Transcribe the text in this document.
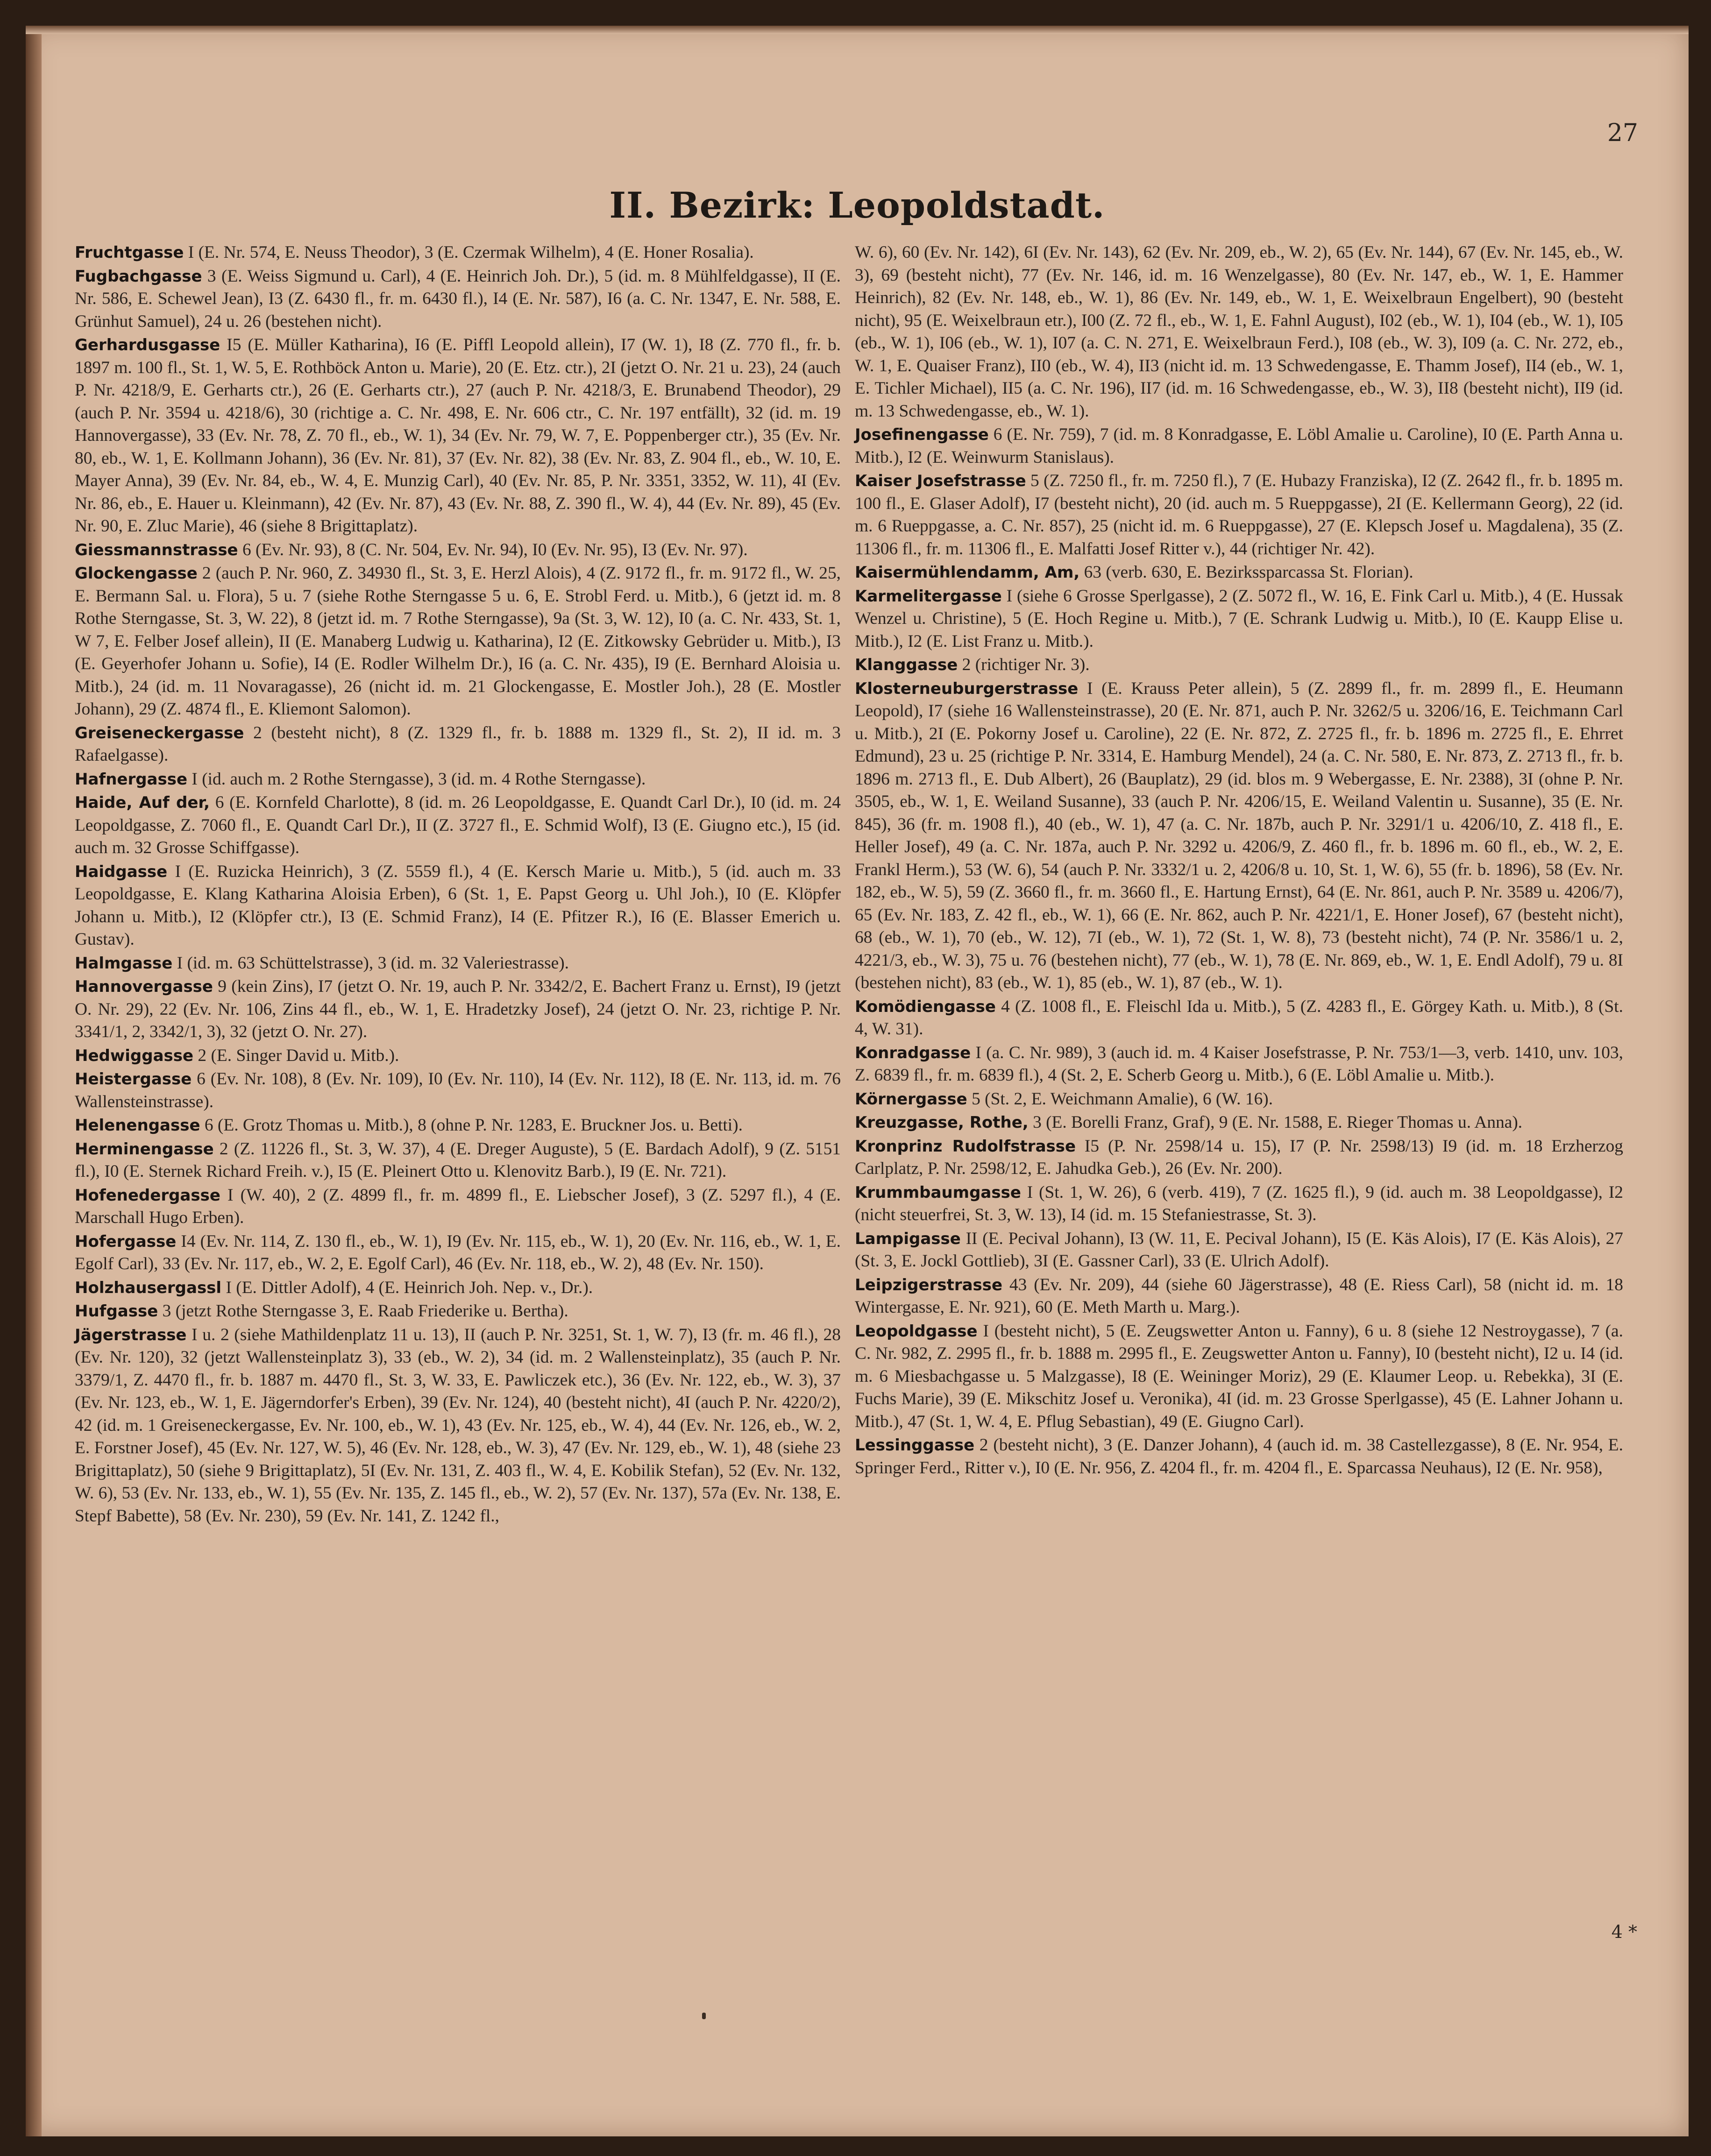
27
II. Bezirk: Leopoldstadt.

Fruchtgasse I (E. Nr. 574, E. Neuss Theodor), 3 (E. Czermak Wilhelm), 4 (E. Honer Rosalia).

Fugbachgasse 3 (E. Weiss Sigmund u. Carl), 4 (E. Heinrich Joh. Dr.), 5 (id. m. 8 Mühlfeldgasse), II (E. Nr. 586, E. Schewel Jean), I3 (Z. 6430 fl., fr. m. 6430 fl.), I4 (E. Nr. 587), I6 (a. C. Nr. 1347, E. Nr. 588, E. Grünhut Samuel), 24 u. 26 (bestehen nicht).

Gerhardusgasse I5 (E. Müller Katharina), I6 (E. Piffl Leopold allein), I7 (W. 1), I8 (Z. 770 fl., fr. b. 1897 m. 100 fl., St. 1, W. 5, E. Rothböck Anton u. Marie), 20 (E. Etz. ctr.), 2I (jetzt O. Nr. 21 u. 23), 24 (auch P. Nr. 4218/9, E. Gerharts ctr.), 26 (E. Gerharts ctr.), 27 (auch P. Nr. 4218/3, E. Brunabend Theodor), 29 (auch P. Nr. 3594 u. 4218/6), 30 (richtige a. C. Nr. 498, E. Nr. 606 ctr., C. Nr. 197 entfällt), 32 (id. m. 19 Hannovergasse), 33 (Ev. Nr. 78, Z. 70 fl., eb., W. 1), 34 (Ev. Nr. 79, W. 7, E. Poppenberger ctr.), 35 (Ev. Nr. 80, eb., W. 1, E. Kollmann Johann), 36 (Ev. Nr. 81), 37 (Ev. Nr. 82), 38 (Ev. Nr. 83, Z. 904 fl., eb., W. 10, E. Mayer Anna), 39 (Ev. Nr. 84, eb., W. 4, E. Munzig Carl), 40 (Ev. Nr. 85, P. Nr. 3351, 3352, W. 11), 4I (Ev. Nr. 86, eb., E. Hauer u. Kleinmann), 42 (Ev. Nr. 87), 43 (Ev. Nr. 88, Z. 390 fl., W. 4), 44 (Ev. Nr. 89), 45 (Ev. Nr. 90, E. Zluc Marie), 46 (siehe 8 Brigittaplatz).

Giessmannstrasse 6 (Ev. Nr. 93), 8 (C. Nr. 504, Ev. Nr. 94), I0 (Ev. Nr. 95), I3 (Ev. Nr. 97).

Glockengasse 2 (auch P. Nr. 960, Z. 34930 fl., St. 3, E. Herzl Alois), 4 (Z. 9172 fl., fr. m. 9172 fl., W. 25, E. Bermann Sal. u. Flora), 5 u. 7 (siehe Rothe Sterngasse 5 u. 6, E. Strobl Ferd. u. Mitb.), 6 (jetzt id. m. 8 Rothe Sterngasse, St. 3, W. 22), 8 (jetzt id. m. 7 Rothe Sterngasse), 9a (St. 3, W. 12), I0 (a. C. Nr. 433, St. 1, W 7, E. Felber Josef allein), II (E. Manaberg Ludwig u. Katharina), I2 (E. Zitkowsky Gebrüder u. Mitb.), I3 (E. Geyerhofer Johann u. Sofie), I4 (E. Rodler Wilhelm Dr.), I6 (a. C. Nr. 435), I9 (E. Bernhard Aloisia u. Mitb.), 24 (id. m. 11 Novaragasse), 26 (nicht id. m. 21 Glockengasse, E. Mostler Joh.), 28 (E. Mostler Johann), 29 (Z. 4874 fl., E. Kliemont Salomon).

Greiseneckergasse 2 (besteht nicht), 8 (Z. 1329 fl., fr. b. 1888 m. 1329 fl., St. 2), II id. m. 3 Rafaelgasse).

Hafnergasse I (id. auch m. 2 Rothe Sterngasse), 3 (id. m. 4 Rothe Sterngasse).

Haide, Auf der, 6 (E. Kornfeld Charlotte), 8 (id. m. 26 Leopoldgasse, E. Quandt Carl Dr.), I0 (id. m. 24 Leopoldgasse, Z. 7060 fl., E. Quandt Carl Dr.), II (Z. 3727 fl., E. Schmid Wolf), I3 (E. Giugno etc.), I5 (id. auch m. 32 Grosse Schiffgasse).

Haidgasse I (E. Ruzicka Heinrich), 3 (Z. 5559 fl.), 4 (E. Kersch Marie u. Mitb.), 5 (id. auch m. 33 Leopoldgasse, E. Klang Katharina Aloisia Erben), 6 (St. 1, E. Papst Georg u. Uhl Joh.), I0 (E. Klöpfer Johann u. Mitb.), I2 (Klöpfer ctr.), I3 (E. Schmid Franz), I4 (E. Pfitzer R.), I6 (E. Blasser Emerich u. Gustav).

Halmgasse I (id. m. 63 Schüttelstrasse), 3 (id. m. 32 Valeriestrasse).

Hannovergasse 9 (kein Zins), I7 (jetzt O. Nr. 19, auch P. Nr. 3342/2, E. Bachert Franz u. Ernst), I9 (jetzt O. Nr. 29), 22 (Ev. Nr. 106, Zins 44 fl., eb., W. 1, E. Hradetzky Josef), 24 (jetzt O. Nr. 23, richtige P. Nr. 3341/1, 2, 3342/1, 3), 32 (jetzt O. Nr. 27).

Hedwiggasse 2 (E. Singer David u. Mitb.).

Heistergasse 6 (Ev. Nr. 108), 8 (Ev. Nr. 109), I0 (Ev. Nr. 110), I4 (Ev. Nr. 112), I8 (E. Nr. 113, id. m. 76 Wallensteinstrasse).

Helenengasse 6 (E. Grotz Thomas u. Mitb.), 8 (ohne P. Nr. 1283, E. Bruckner Jos. u. Betti).

Herminengasse 2 (Z. 11226 fl., St. 3, W. 37), 4 (E. Dreger Auguste), 5 (E. Bardach Adolf), 9 (Z. 5151 fl.), I0 (E. Sternek Richard Freih. v.), I5 (E. Pleinert Otto u. Klenovitz Barb.), I9 (E. Nr. 721).

Hofenedergasse I (W. 40), 2 (Z. 4899 fl., fr. m. 4899 fl., E. Liebscher Josef), 3 (Z. 5297 fl.), 4 (E. Marschall Hugo Erben).

Hofergasse I4 (Ev. Nr. 114, Z. 130 fl., eb., W. 1), I9 (Ev. Nr. 115, eb., W. 1), 20 (Ev. Nr. 116, eb., W. 1, E. Egolf Carl), 33 (Ev. Nr. 117, eb., W. 2, E. Egolf Carl), 46 (Ev. Nr. 118, eb., W. 2), 48 (Ev. Nr. 150).

Holzhausergassl I (E. Dittler Adolf), 4 (E. Heinrich Joh. Nep. v., Dr.).

Hufgasse 3 (jetzt Rothe Sterngasse 3, E. Raab Friederike u. Bertha).

Jägerstrasse I u. 2 (siehe Mathildenplatz 11 u. 13), II (auch P. Nr. 3251, St. 1, W. 7), I3 (fr. m. 46 fl.), 28 (Ev. Nr. 120), 32 (jetzt Wallensteinplatz 3), 33 (eb., W. 2), 34 (id. m. 2 Wallensteinplatz), 35 (auch P. Nr. 3379/1, Z. 4470 fl., fr. b. 1887 m. 4470 fl., St. 3, W. 33, E. Pawliczek etc.), 36 (Ev. Nr. 122, eb., W. 3), 37 (Ev. Nr. 123, eb., W. 1, E. Jägerndorfer's Erben), 39 (Ev. Nr. 124), 40 (besteht nicht), 4I (auch P. Nr. 4220/2), 42 (id. m. 1 Greiseneckergasse, Ev. Nr. 100, eb., W. 1), 43 (Ev. Nr. 125, eb., W. 4), 44 (Ev. Nr. 126, eb., W. 2, E. Forstner Josef), 45 (Ev. Nr. 127, W. 5), 46 (Ev. Nr. 128, eb., W. 3), 47 (Ev. Nr. 129, eb., W. 1), 48 (siehe 23 Brigittaplatz), 50 (siehe 9 Brigittaplatz), 5I (Ev. Nr. 131, Z. 403 fl., W. 4, E. Kobilik Stefan), 52 (Ev. Nr. 132, W. 6), 53 (Ev. Nr. 133, eb., W. 1), 55 (Ev. Nr. 135, Z. 145 fl., eb., W. 2), 57 (Ev. Nr. 137), 57a (Ev. Nr. 138, E. Stepf Babette), 58 (Ev. Nr. 230), 59 (Ev. Nr. 141, Z. 1242 fl.,

W. 6), 60 (Ev. Nr. 142), 6I (Ev. Nr. 143), 62 (Ev. Nr. 209, eb., W. 2), 65 (Ev. Nr. 144), 67 (Ev. Nr. 145, eb., W. 3), 69 (besteht nicht), 77 (Ev. Nr. 146, id. m. 16 Wenzelgasse), 80 (Ev. Nr. 147, eb., W. 1, E. Hammer Heinrich), 82 (Ev. Nr. 148, eb., W. 1), 86 (Ev. Nr. 149, eb., W. 1, E. Weixelbraun Engelbert), 90 (besteht nicht), 95 (E. Weixelbraun etr.), I00 (Z. 72 fl., eb., W. 1, E. Fahnl August), I02 (eb., W. 1), I04 (eb., W. 1), I05 (eb., W. 1), I06 (eb., W. 1), I07 (a. C. N. 271, E. Weixelbraun Ferd.), I08 (eb., W. 3), I09 (a. C. Nr. 272, eb., W. 1, E. Quaiser Franz), II0 (eb., W. 4), II3 (nicht id. m. 13 Schwedengasse, E. Thamm Josef), II4 (eb., W. 1, E. Tichler Michael), II5 (a. C. Nr. 196), II7 (id. m. 16 Schwedengasse, eb., W. 3), II8 (besteht nicht), II9 (id. m. 13 Schwedengasse, eb., W. 1).

Josefinengasse 6 (E. Nr. 759), 7 (id. m. 8 Konradgasse, E. Löbl Amalie u. Caroline), I0 (E. Parth Anna u. Mitb.), I2 (E. Weinwurm Stanislaus).

Kaiser Josefstrasse 5 (Z. 7250 fl., fr. m. 7250 fl.), 7 (E. Hubazy Franziska), I2 (Z. 2642 fl., fr. b. 1895 m. 100 fl., E. Glaser Adolf), I7 (besteht nicht), 20 (id. auch m. 5 Rueppgasse), 2I (E. Kellermann Georg), 22 (id. m. 6 Rueppgasse, a. C. Nr. 857), 25 (nicht id. m. 6 Rueppgasse), 27 (E. Klepsch Josef u. Magdalena), 35 (Z. 11306 fl., fr. m. 11306 fl., E. Malfatti Josef Ritter v.), 44 (richtiger Nr. 42).

Kaisermühlendamm, Am, 63 (verb. 630, E. Bezirkssparcassa St. Florian).

Karmelitergasse I (siehe 6 Grosse Sperlgasse), 2 (Z. 5072 fl., W. 16, E. Fink Carl u. Mitb.), 4 (E. Hussak Wenzel u. Christine), 5 (E. Hoch Regine u. Mitb.), 7 (E. Schrank Ludwig u. Mitb.), I0 (E. Kaupp Elise u. Mitb.), I2 (E. List Franz u. Mitb.).

Klanggasse 2 (richtiger Nr. 3).

Klosterneuburgerstrasse I (E. Krauss Peter allein), 5 (Z. 2899 fl., fr. m. 2899 fl., E. Heumann Leopold), I7 (siehe 16 Wallensteinstrasse), 20 (E. Nr. 871, auch P. Nr. 3262/5 u. 3206/16, E. Teichmann Carl u. Mitb.), 2I (E. Pokorny Josef u. Caroline), 22 (E. Nr. 872, Z. 2725 fl., fr. b. 1896 m. 2725 fl., E. Ehrret Edmund), 23 u. 25 (richtige P. Nr. 3314, E. Hamburg Mendel), 24 (a. C. Nr. 580, E. Nr. 873, Z. 2713 fl., fr. b. 1896 m. 2713 fl., E. Dub Albert), 26 (Bauplatz), 29 (id. blos m. 9 Webergasse, E. Nr. 2388), 3I (ohne P. Nr. 3505, eb., W. 1, E. Weiland Susanne), 33 (auch P. Nr. 4206/15, E. Weiland Valentin u. Susanne), 35 (E. Nr. 845), 36 (fr. m. 1908 fl.), 40 (eb., W. 1), 47 (a. C. Nr. 187b, auch P. Nr. 3291/1 u. 4206/10, Z. 418 fl., E. Heller Josef), 49 (a. C. Nr. 187a, auch P. Nr. 3292 u. 4206/9, Z. 460 fl., fr. b. 1896 m. 60 fl., eb., W. 2, E. Frankl Herm.), 53 (W. 6), 54 (auch P. Nr. 3332/1 u. 2, 4206/8 u. 10, St. 1, W. 6), 55 (fr. b. 1896), 58 (Ev. Nr. 182, eb., W. 5), 59 (Z. 3660 fl., fr. m. 3660 fl., E. Hartung Ernst), 64 (E. Nr. 861, auch P. Nr. 3589 u. 4206/7), 65 (Ev. Nr. 183, Z. 42 fl., eb., W. 1), 66 (E. Nr. 862, auch P. Nr. 4221/1, E. Honer Josef), 67 (besteht nicht), 68 (eb., W. 1), 70 (eb., W. 12), 7I (eb., W. 1), 72 (St. 1, W. 8), 73 (besteht nicht), 74 (P. Nr. 3586/1 u. 2, 4221/3, eb., W. 3), 75 u. 76 (bestehen nicht), 77 (eb., W. 1), 78 (E. Nr. 869, eb., W. 1, E. Endl Adolf), 79 u. 8I (bestehen nicht), 83 (eb., W. 1), 85 (eb., W. 1), 87 (eb., W. 1).

Komödiengasse 4 (Z. 1008 fl., E. Fleischl Ida u. Mitb.), 5 (Z. 4283 fl., E. Görgey Kath. u. Mitb.), 8 (St. 4, W. 31).

Konradgasse I (a. C. Nr. 989), 3 (auch id. m. 4 Kaiser Josefstrasse, P. Nr. 753/1—3, verb. 1410, unv. 103, Z. 6839 fl., fr. m. 6839 fl.), 4 (St. 2, E. Scherb Georg u. Mitb.), 6 (E. Löbl Amalie u. Mitb.).

Körnergasse 5 (St. 2, E. Weichmann Amalie), 6 (W. 16).

Kreuzgasse, Rothe, 3 (E. Borelli Franz, Graf), 9 (E. Nr. 1588, E. Rieger Thomas u. Anna).

Kronprinz Rudolfstrasse I5 (P. Nr. 2598/14 u. 15), I7 (P. Nr. 2598/13) I9 (id. m. 18 Erzherzog Carlplatz, P. Nr. 2598/12, E. Jahudka Geb.), 26 (Ev. Nr. 200).

Krummbaumgasse I (St. 1, W. 26), 6 (verb. 419), 7 (Z. 1625 fl.), 9 (id. auch m. 38 Leopoldgasse), I2 (nicht steuerfrei, St. 3, W. 13), I4 (id. m. 15 Stefaniestrasse, St. 3).

Lampigasse II (E. Pecival Johann), I3 (W. 11, E. Pecival Johann), I5 (E. Käs Alois), I7 (E. Käs Alois), 27 (St. 3, E. Jockl Gottlieb), 3I (E. Gassner Carl), 33 (E. Ulrich Adolf).

Leipzigerstrasse 43 (Ev. Nr. 209), 44 (siehe 60 Jägerstrasse), 48 (E. Riess Carl), 58 (nicht id. m. 18 Wintergasse, E. Nr. 921), 60 (E. Meth Marth u. Marg.).

Leopoldgasse I (besteht nicht), 5 (E. Zeugswetter Anton u. Fanny), 6 u. 8 (siehe 12 Nestroygasse), 7 (a. C. Nr. 982, Z. 2995 fl., fr. b. 1888 m. 2995 fl., E. Zeugswetter Anton u. Fanny), I0 (besteht nicht), I2 u. I4 (id. m. 6 Miesbachgasse u. 5 Malzgasse), I8 (E. Weininger Moriz), 29 (E. Klaumer Leop. u. Rebekka), 3I (E. Fuchs Marie), 39 (E. Mikschitz Josef u. Veronika), 4I (id. m. 23 Grosse Sperlgasse), 45 (E. Lahner Johann u. Mitb.), 47 (St. 1, W. 4, E. Pflug Sebastian), 49 (E. Giugno Carl).

Lessinggasse 2 (besteht nicht), 3 (E. Danzer Johann), 4 (auch id. m. 38 Castellezgasse), 8 (E. Nr. 954, E. Springer Ferd., Ritter v.), I0 (E. Nr. 956, Z. 4204 fl., fr. m. 4204 fl., E. Sparcassa Neuhaus), I2 (E. Nr. 958),

4 *
